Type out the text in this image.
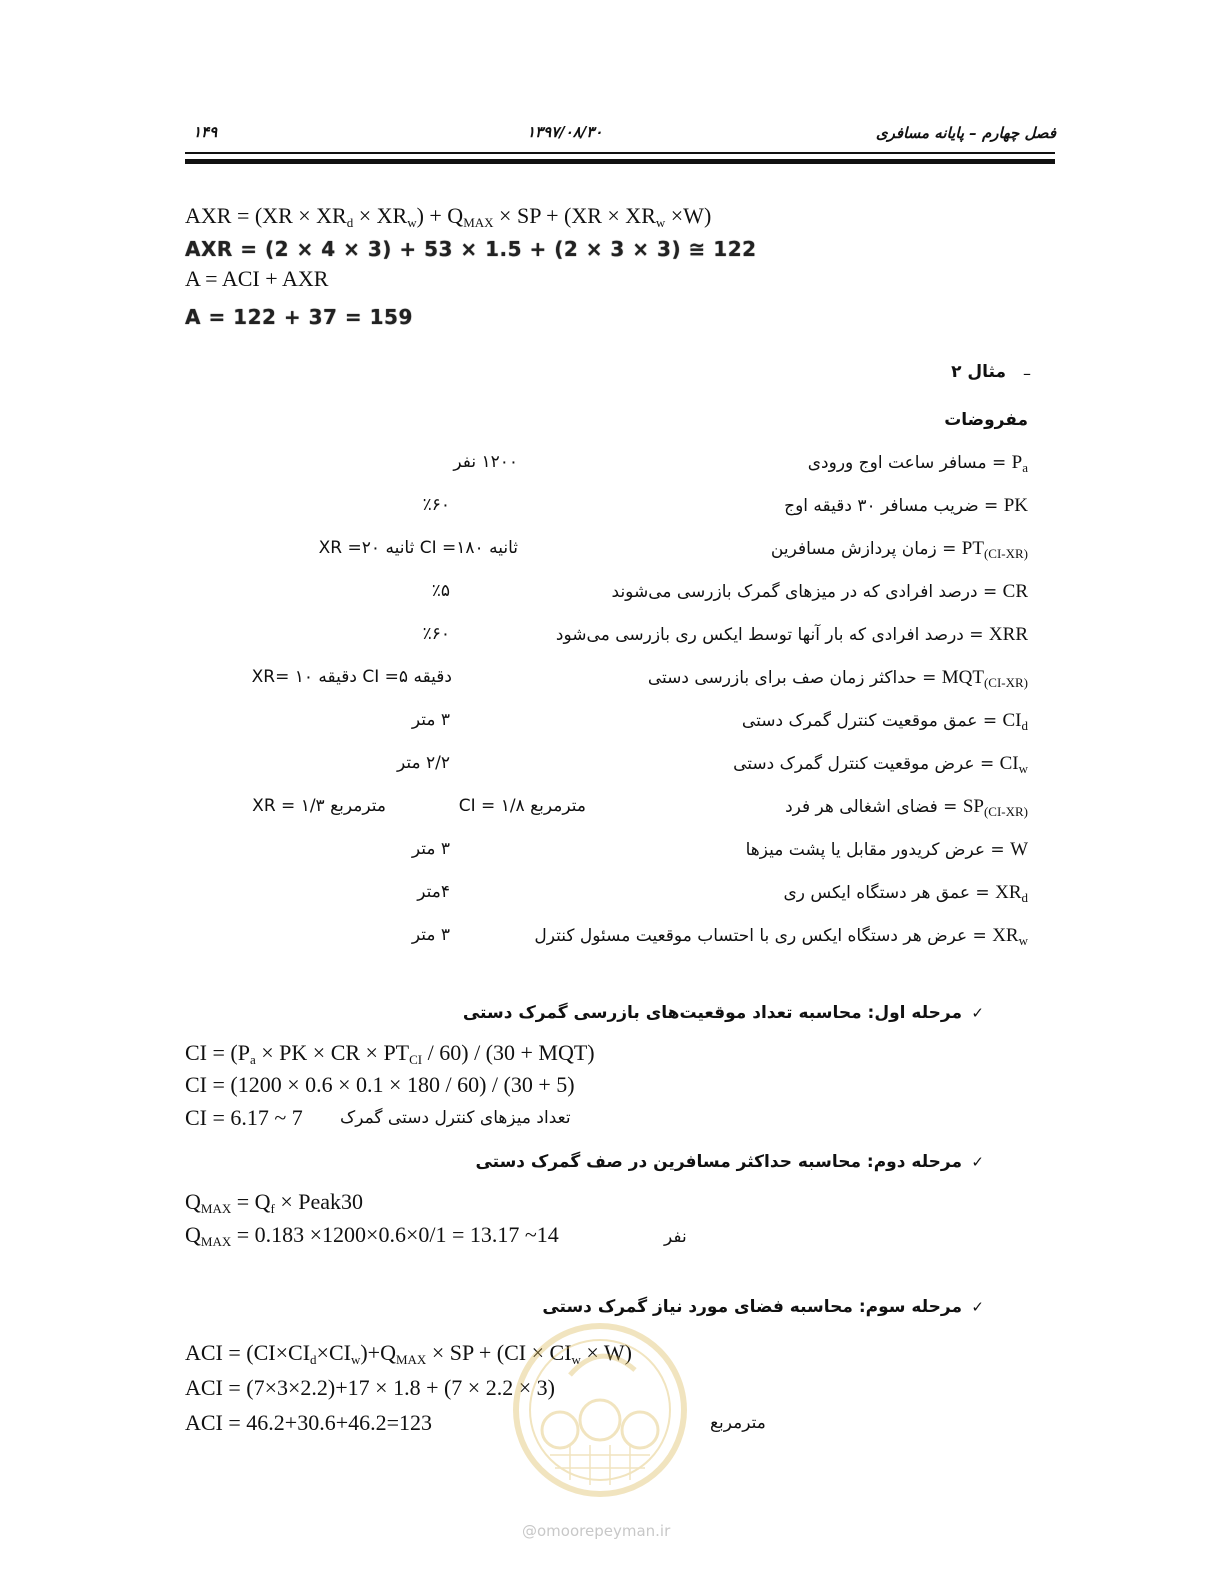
فصل چهارم – پایانه مسافری
۱۳۹۷/۰۸/۳۰
۱۴۹
AXR = $(XR \times XR_d \times XR_w) + Q_{MAX}$ × SP + $(XR \times XR_w \times W)$
AXR = (2 × 4 × 3) + 53 × 1.5 + (2 × 3 × 3) ≅ 122
A = ACI + AXR
A = 122 + 37 = 159
–
مثال ۲
مفروضات
$P_a$ = مسافر ساعت اوج ورودی
۱۲۰۰ نفر
PK = ضریب مسافر ۳۰ دقیقه اوج
٪۶۰
$PT_{(CI-XR)}$ = زمان پردازش مسافرین
ثانیه ۱۸۰= CI ثانیه ۲۰= XR
CR = درصد افرادی که در میزهای گمرک بازرسی می‌شوند
٪۵
XRR = درصد افرادی که بار آنها توسط ایکس ری بازرسی می‌شود
٪۶۰
$MQT_{(CI-XR)}$ = حداکثر زمان صف برای بازرسی دستی
دقیقه ۵= CI دقیقه ۱۰ =XR
$CI_d$ = عمق موقعیت کنترل گمرک دستی
۳ متر
$CI_w$ = عرض موقعیت کنترل گمرک دستی
۲/۲ متر
$SP_{(CI-XR)}$ = فضای اشغالی هر فرد
مترمربع ۱/۸ = CI
مترمربع ۱/۳ = XR
W = عرض کریدور مقابل یا پشت میزها
۳ متر
$XR_d$ = عمق هر دستگاه ایکس ری
۴متر
$XR_w$ = عرض هر دستگاه ایکس ری با احتساب موقعیت مسئول کنترل
۳ متر
✓
مرحله اول: محاسبه تعداد موقعیت‌های بازرسی گمرک دستی
CI = ($P_a$ × PK × CR × $PT_{CI} / 60) / (30 + MQT)$
CI = (1200 × 0.6 × 0.1 × 180 / 60) / (30 + 5)
CI = 6.17 ~ 7 تعداد میزهای کنترل دستی گمرک
✓
مرحله دوم: محاسبه حداکثر مسافرین در صف گمرک دستی
$Q_{MAX} = Q_f$ × Peak30
$Q_{MAX} = 0.183 \times 1200\times 0.6\times 0/1 = 13.17$ ~14	نفر
✓
مرحله سوم: محاسبه فضای مورد نیاز گمرک دستی
ACI = $(CI\times CI_d\times CI_w)+Q_{MAX}$ × SP + $(CI \times CI_w \times W)$
ACI = (7×3×2.2)+17 × 1.8 + (7 × 2.2 × 3)
ACI = 46.2+30.6+46.2=123	مترمربع
@omoorepeyman.ir
